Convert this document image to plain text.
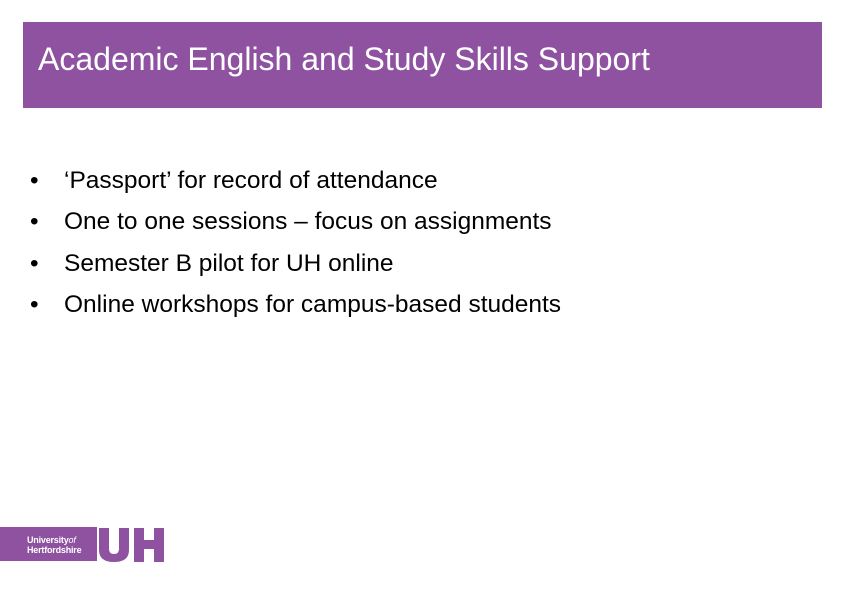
Academic English and Study Skills Support
•	‘Passport’ for record of attendance
•	One to one sessions – focus on assignments
•	Semester B pilot for UH online
•	Online workshops for campus-based students
Universityof
Hertfordshire
